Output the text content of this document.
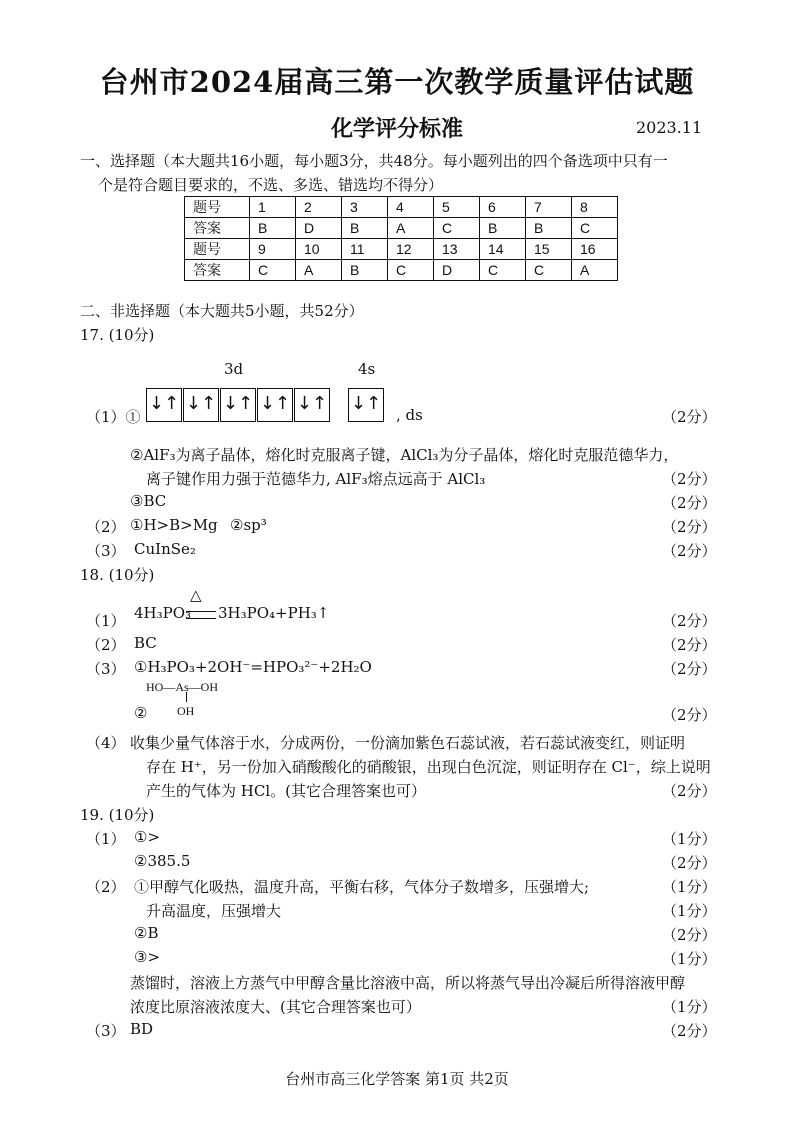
台州市2024届高三第一次教学质量评估试题
化学评分标准	2023.11
一、选择题（本大题共16小题，每小题3分，共48分。每小题列出的四个备选项中只有一
个是符合题目要求的，不选、多选、错选均不得分）
题号	1	2	3	4	5	6	7	8
答案	B	D	B	A	C	B	B	C
题号	9	10	11	12	13	14	15	16
答案	C	A	B	C	D	C	C	A
二、非选择题（本大题共5小题，共52分）
17. (10分)
3d	4s
（1）①
↓↑ ↓↑ ↓↑ ↓↑ ↓↑ ↓↑
, ds	（2分）
②AlF₃为离子晶体，熔化时克服离子键，AlCl₃为分子晶体，熔化时克服范德华力，
离子键作用力强于范德华力, AlF₃熔点远高于 AlCl₃	（2分）
③BC	（2分）
（2） ①H>B>Mg ②sp³	（2分）
（3） CuInSe₂	（2分）
18. (10分)
（1） 4H₃PO₃
△
3H₃PO₄+PH₃↑	（2分）
（2） BC	（2分）
（3） ①H₃PO₃+2OH⁻=HPO₃²⁻+2H₂O	（2分）
HO—As—OH
OH
②	（2分）
（4） 收集少量气体溶于水，分成两份，一份滴加紫色石蕊试液，若石蕊试液变红，则证明
存在 H⁺，另一份加入硝酸酸化的硝酸银，出现白色沉淀，则证明存在 Cl⁻，综上说明
产生的气体为 HCl。(其它合理答案也可）	（2分）
19. (10分)
（1） ①>	（1分）
②385.5	（2分）
（2） ①甲醇气化吸热，温度升高，平衡右移，气体分子数增多，压强增大;	（1分）
升高温度，压强增大	（1分）
②B	（2分）
③>	（1分）
蒸馏时，溶液上方蒸气中甲醇含量比溶液中高，所以将蒸气导出冷凝后所得溶液甲醇
浓度比原溶液浓度大、(其它合理答案也可）	（1分）
（3） BD	（2分）
台州市高三化学答案 第1页 共2页
